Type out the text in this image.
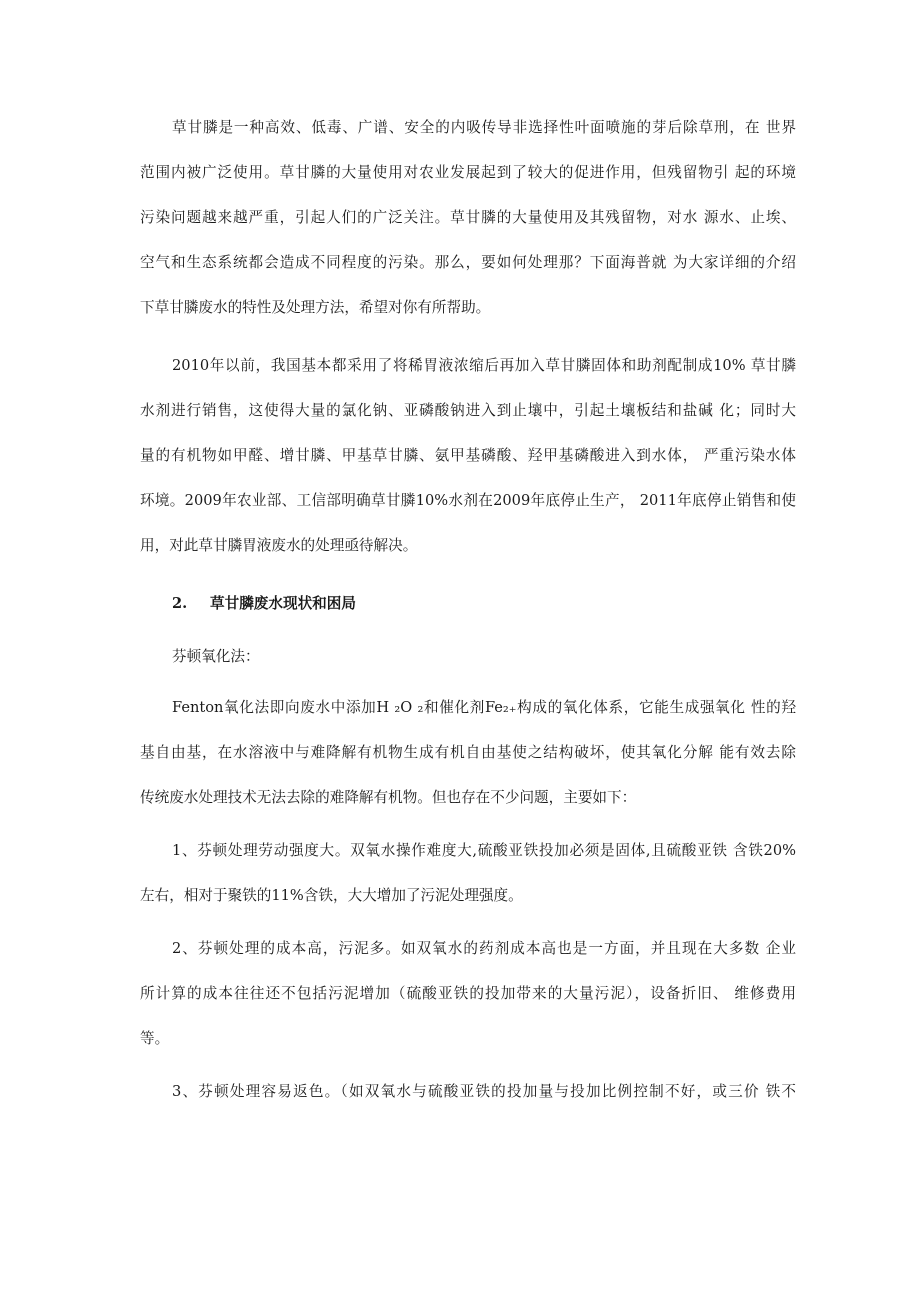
草甘膦是一种高效、低毒、广谱、安全的内吸传导非选择性叶面喷施的芽后除草刑，在 世界
范围内被广泛使用。草甘膦的大量使用对农业发展起到了较大的促进作用，但残留物引 起的环境
污染问题越来越严重，引起人们的广泛关注。草甘膦的大量使用及其残留物，对水 源水、止埃、
空气和生态系统都会造成不同程度的污染。那么，要如何处理那？下面海普就 为大家详细的介绍
下草甘膦废水的特性及处理方法，希望对你有所帮助。
2010年以前，我国基本都采用了将稀胃液浓缩后再加入草甘膦固体和助剂配制成10% 草甘膦
水剂进行销售，这使得大量的氯化钠、亚磷酸钠进入到止壤中，引起土壤板结和盐碱 化；同时大
量的有机物如甲醛、增甘膦、甲基草甘膦、氨甲基磷酸、羟甲基磷酸进入到水体， 严重污染水体
环境。2009年农业部、工信部明确草甘膦10%水剂在2009年底停止生产， 2011年底停止销售和使
用，对此草甘膦胃液废水的处理亟待解决。
2. 草甘膦废水现状和困局
芬顿氧化法：
Fenton氧化法即向废水中添加H ₂O ₂和催化剂Fe₂₊构成的氧化体系，它能生成强氧化 性的羟
基自由基，在水溶液中与难降解有机物生成有机自由基使之结构破坏，使其氧化分解 能有效去除
传统废水处理技术无法去除的难降解有机物。但也存在不少问题，主要如下：
1、芬顿处理劳动强度大。双氧水操作难度大,硫酸亚铁投加必须是固体,且硫酸亚铁 含铁20%
左右，相对于聚铁的11%含铁，大大增加了污泥处理强度。
2、芬顿处理的成本高，污泥多。如双氧水的药剂成本高也是一方面，并且现在大多数 企业
所计算的成本往往还不包括污泥增加（硫酸亚铁的投加带来的大量污泥），设备折旧、 维修费用
等。
3、芬顿处理容易返色。（如双氧水与硫酸亚铁的投加量与投加比例控制不好，或三价 铁不
